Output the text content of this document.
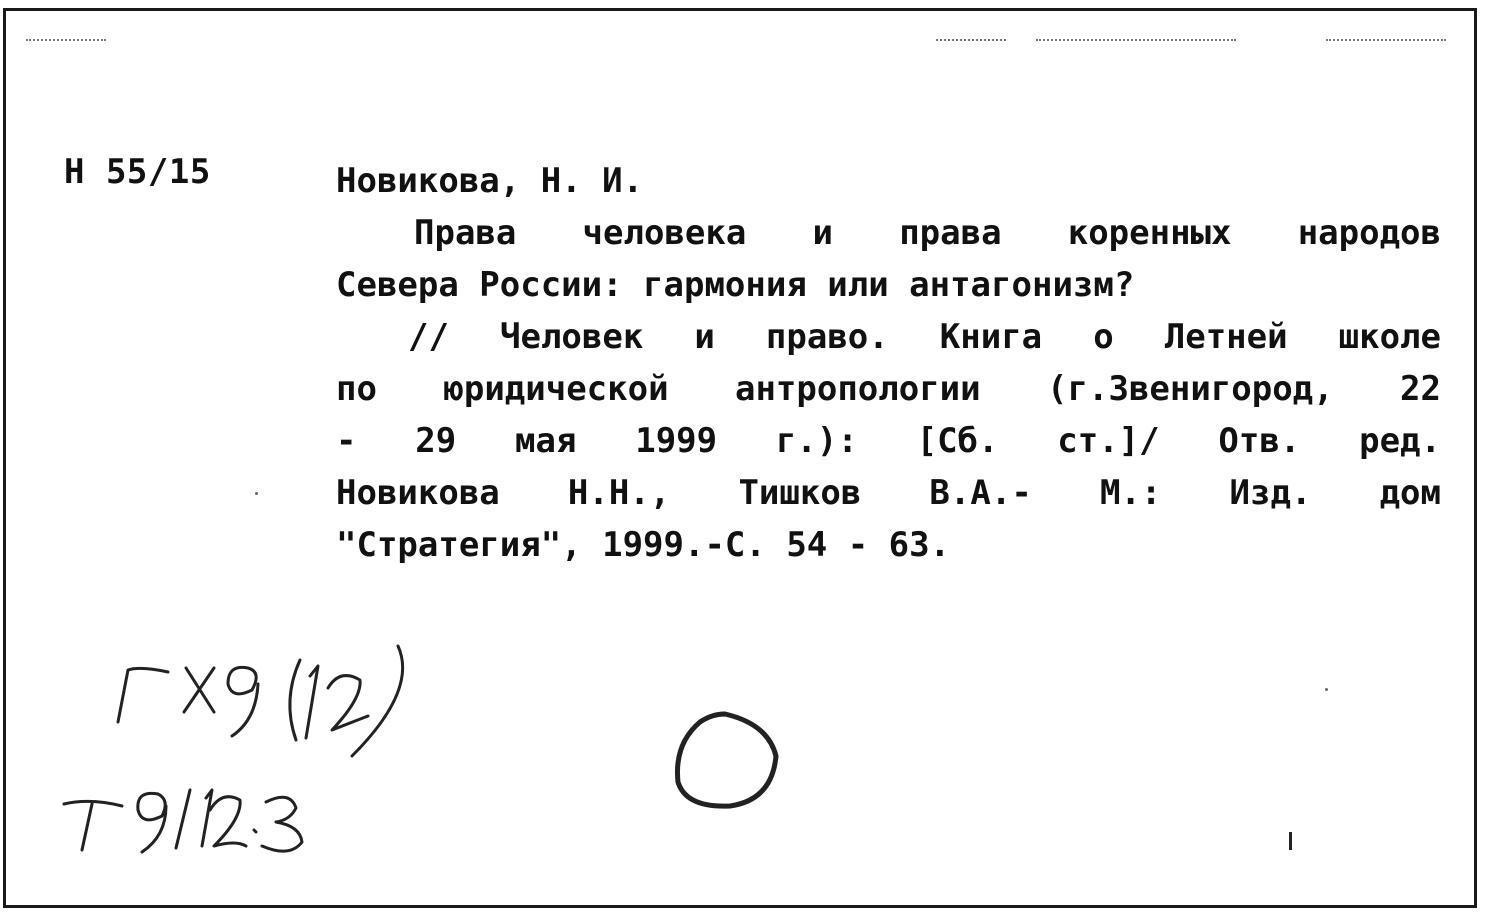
Н 55/15	Новикова, Н. И.
Права человека и права коренных народов
Севера России: гармония или антагонизм?
// Человек и право. Книга о Летней школе
по юридической антропологии (г.Звенигород, 22
- 29 мая 1999 г.): [Сб. ст.]/ Отв. ред.
Новикова Н.Н., Тишков В.А.- М.: Изд. дом
"Стратегия", 1999.-С. 54 - 63.
